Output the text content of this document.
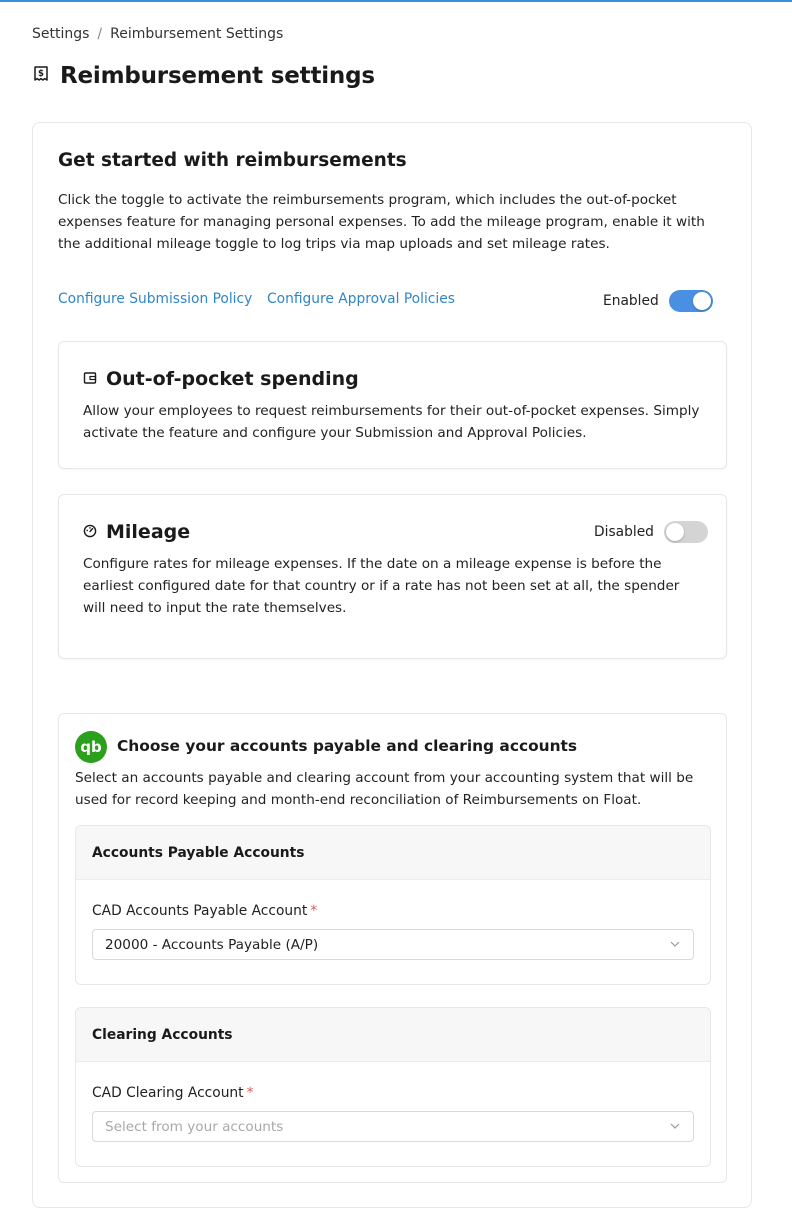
Settings / Reimbursement Settings
$ Reimbursement settings
Get started with reimbursements

Click the toggle to activate the reimbursements program, which includes the out-of-pocket expenses feature for managing personal expenses. To add the mileage program, enable it with the additional mileage toggle to log trips via map uploads and set mileage rates.

Configure Submission Policy Configure Approval Policies	Enabled
Out-of-pocket spending

Allow your employees to request reimbursements for their out-of-pocket expenses. Simply activate the feature and configure your Submission and Approval Policies.

Mileage	Disabled

Configure rates for mileage expenses. If the date on a mileage expense is before the earliest configured date for that country or if a rate has not been set at all, the spender will need to input the rate themselves.

qb Choose your accounts payable and clearing accounts

Select an accounts payable and clearing account from your accounting system that will be used for record keeping and month-end reconciliation of Reimbursements on Float.

Accounts Payable Accounts
CAD Accounts Payable Account *
20000 - Accounts Payable (A/P)
Clearing Accounts
CAD Clearing Account *
Select from your accounts
